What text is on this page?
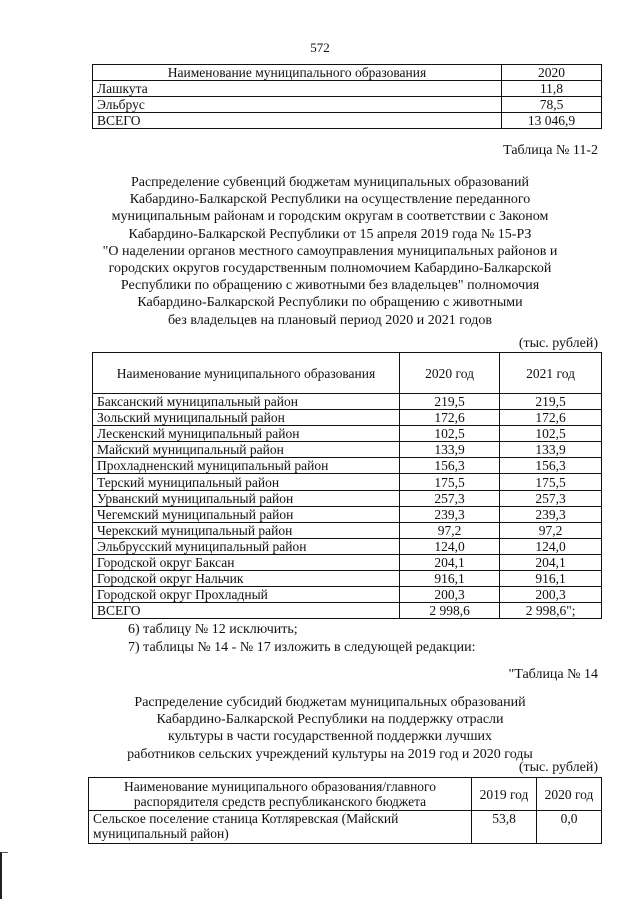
572
Наименование муниципального образования	2020
Лашкута	11,8
Эльбрус	78,5
ВСЕГО	13 046,9
Таблица № 11-2
Распределение субвенций бюджетам муниципальных образований
Кабардино-Балкарской Республики на осуществление переданного
муниципальным районам и городским округам в соответствии с Законом
Кабардино-Балкарской Республики от 15 апреля 2019 года № 15-РЗ
"О наделении органов местного самоуправления муниципальных районов и
городских округов государственным полномочием Кабардино-Балкарской
Республики по обращению с животными без владельцев" полномочия
Кабардино-Балкарской Республики по обращению с животными
без владельцев на плановый период 2020 и 2021 годов
(тыс. рублей)
Наименование муниципального образования	2020 год	2021 год
Баксанский муниципальный район	219,5	219,5
Зольский муниципальный район	172,6	172,6
Лескенский муниципальный район	102,5	102,5
Майский муниципальный район	133,9	133,9
Прохладненский муниципальный район	156,3	156,3
Терский муниципальный район	175,5	175,5
Урванский муниципальный район	257,3	257,3
Чегемский муниципальный район	239,3	239,3
Черекский муниципальный район	97,2	97,2
Эльбрусский муниципальный район	124,0	124,0
Городской округ Баксан	204,1	204,1
Городской округ Нальчик	916,1	916,1
Городской округ Прохладный	200,3	200,3
ВСЕГО	2 998,6	2 998,6";
6) таблицу № 12 исключить;
7) таблицы № 14 - № 17 изложить в следующей редакции:
"Таблица № 14
Распределение субсидий бюджетам муниципальных образований
Кабардино-Балкарской Республики на поддержку отрасли
культуры в части государственной поддержки лучших
работников сельских учреждений культуры на 2019 год и 2020 годы
(тыс. рублей)
Наименование муниципального образования/главного распорядителя средств республиканского бюджета	2019 год	2020 год
Сельское поселение станица Котляревская (Майский муниципальный район)	53,8	0,0
